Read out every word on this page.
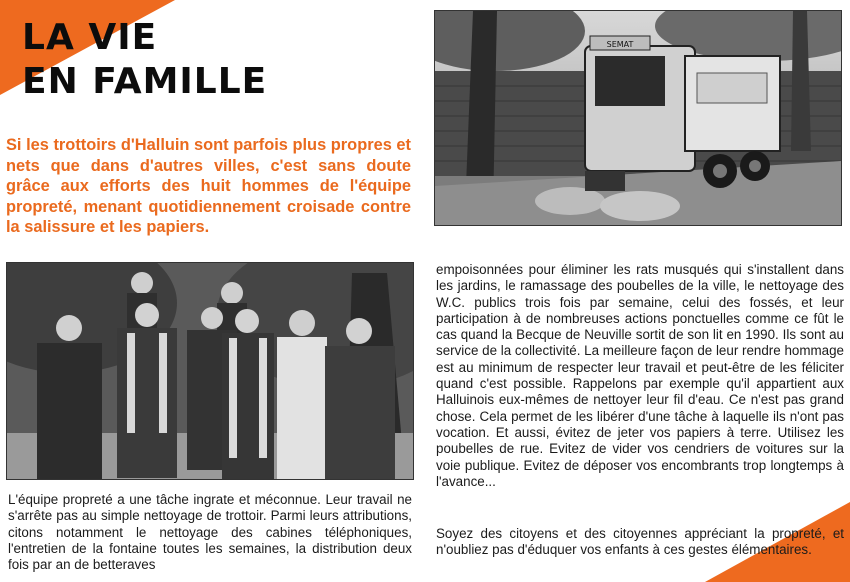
LA VIE
EN FAMILLE

Si les trottoirs d'Halluin sont parfois plus propres et nets que dans d'autres villes, c'est sans doute grâce aux efforts des huit hommes de l'équipe propreté, menant quotidiennement croisade contre la salissure et les papiers.

SEMAT

L'équipe propreté a une tâche ingrate et méconnue. Leur travail ne s'arrête pas au simple nettoyage de trottoir. Parmi leurs attributions, citons notamment le nettoyage des cabines téléphoniques, l'entretien de la fontaine toutes les semaines, la distribution deux fois par an de betteraves

empoisonnées pour éliminer les rats musqués qui s'installent dans les jardins, le ramassage des poubelles de la ville, le nettoyage des W.C. publics trois fois par semaine, celui des fossés, et leur participation à de nombreuses actions ponctuelles comme ce fût le cas quand la Becque de Neuville sortit de son lit en 1990. Ils sont au service de la collectivité. La meilleure façon de leur rendre hommage est au minimum de respecter leur travail et peut-être de les féliciter quand c'est possible. Rappelons par exemple qu'il appartient aux Halluinois eux-mêmes de nettoyer leur fil d'eau. Ce n'est pas grand chose. Cela permet de les libérer d'une tâche à laquelle ils n'ont pas vocation. Et aussi, évitez de jeter vos papiers à terre. Utilisez les poubelles de rue. Evitez de vider vos cendriers de voitures sur la voie publique. Evitez de déposer vos encombrants trop longtemps à l'avance...

Soyez des citoyens et des citoyennes appréciant la propreté, et n'oubliez pas d'éduquer vos enfants à ces gestes élémentaires.
